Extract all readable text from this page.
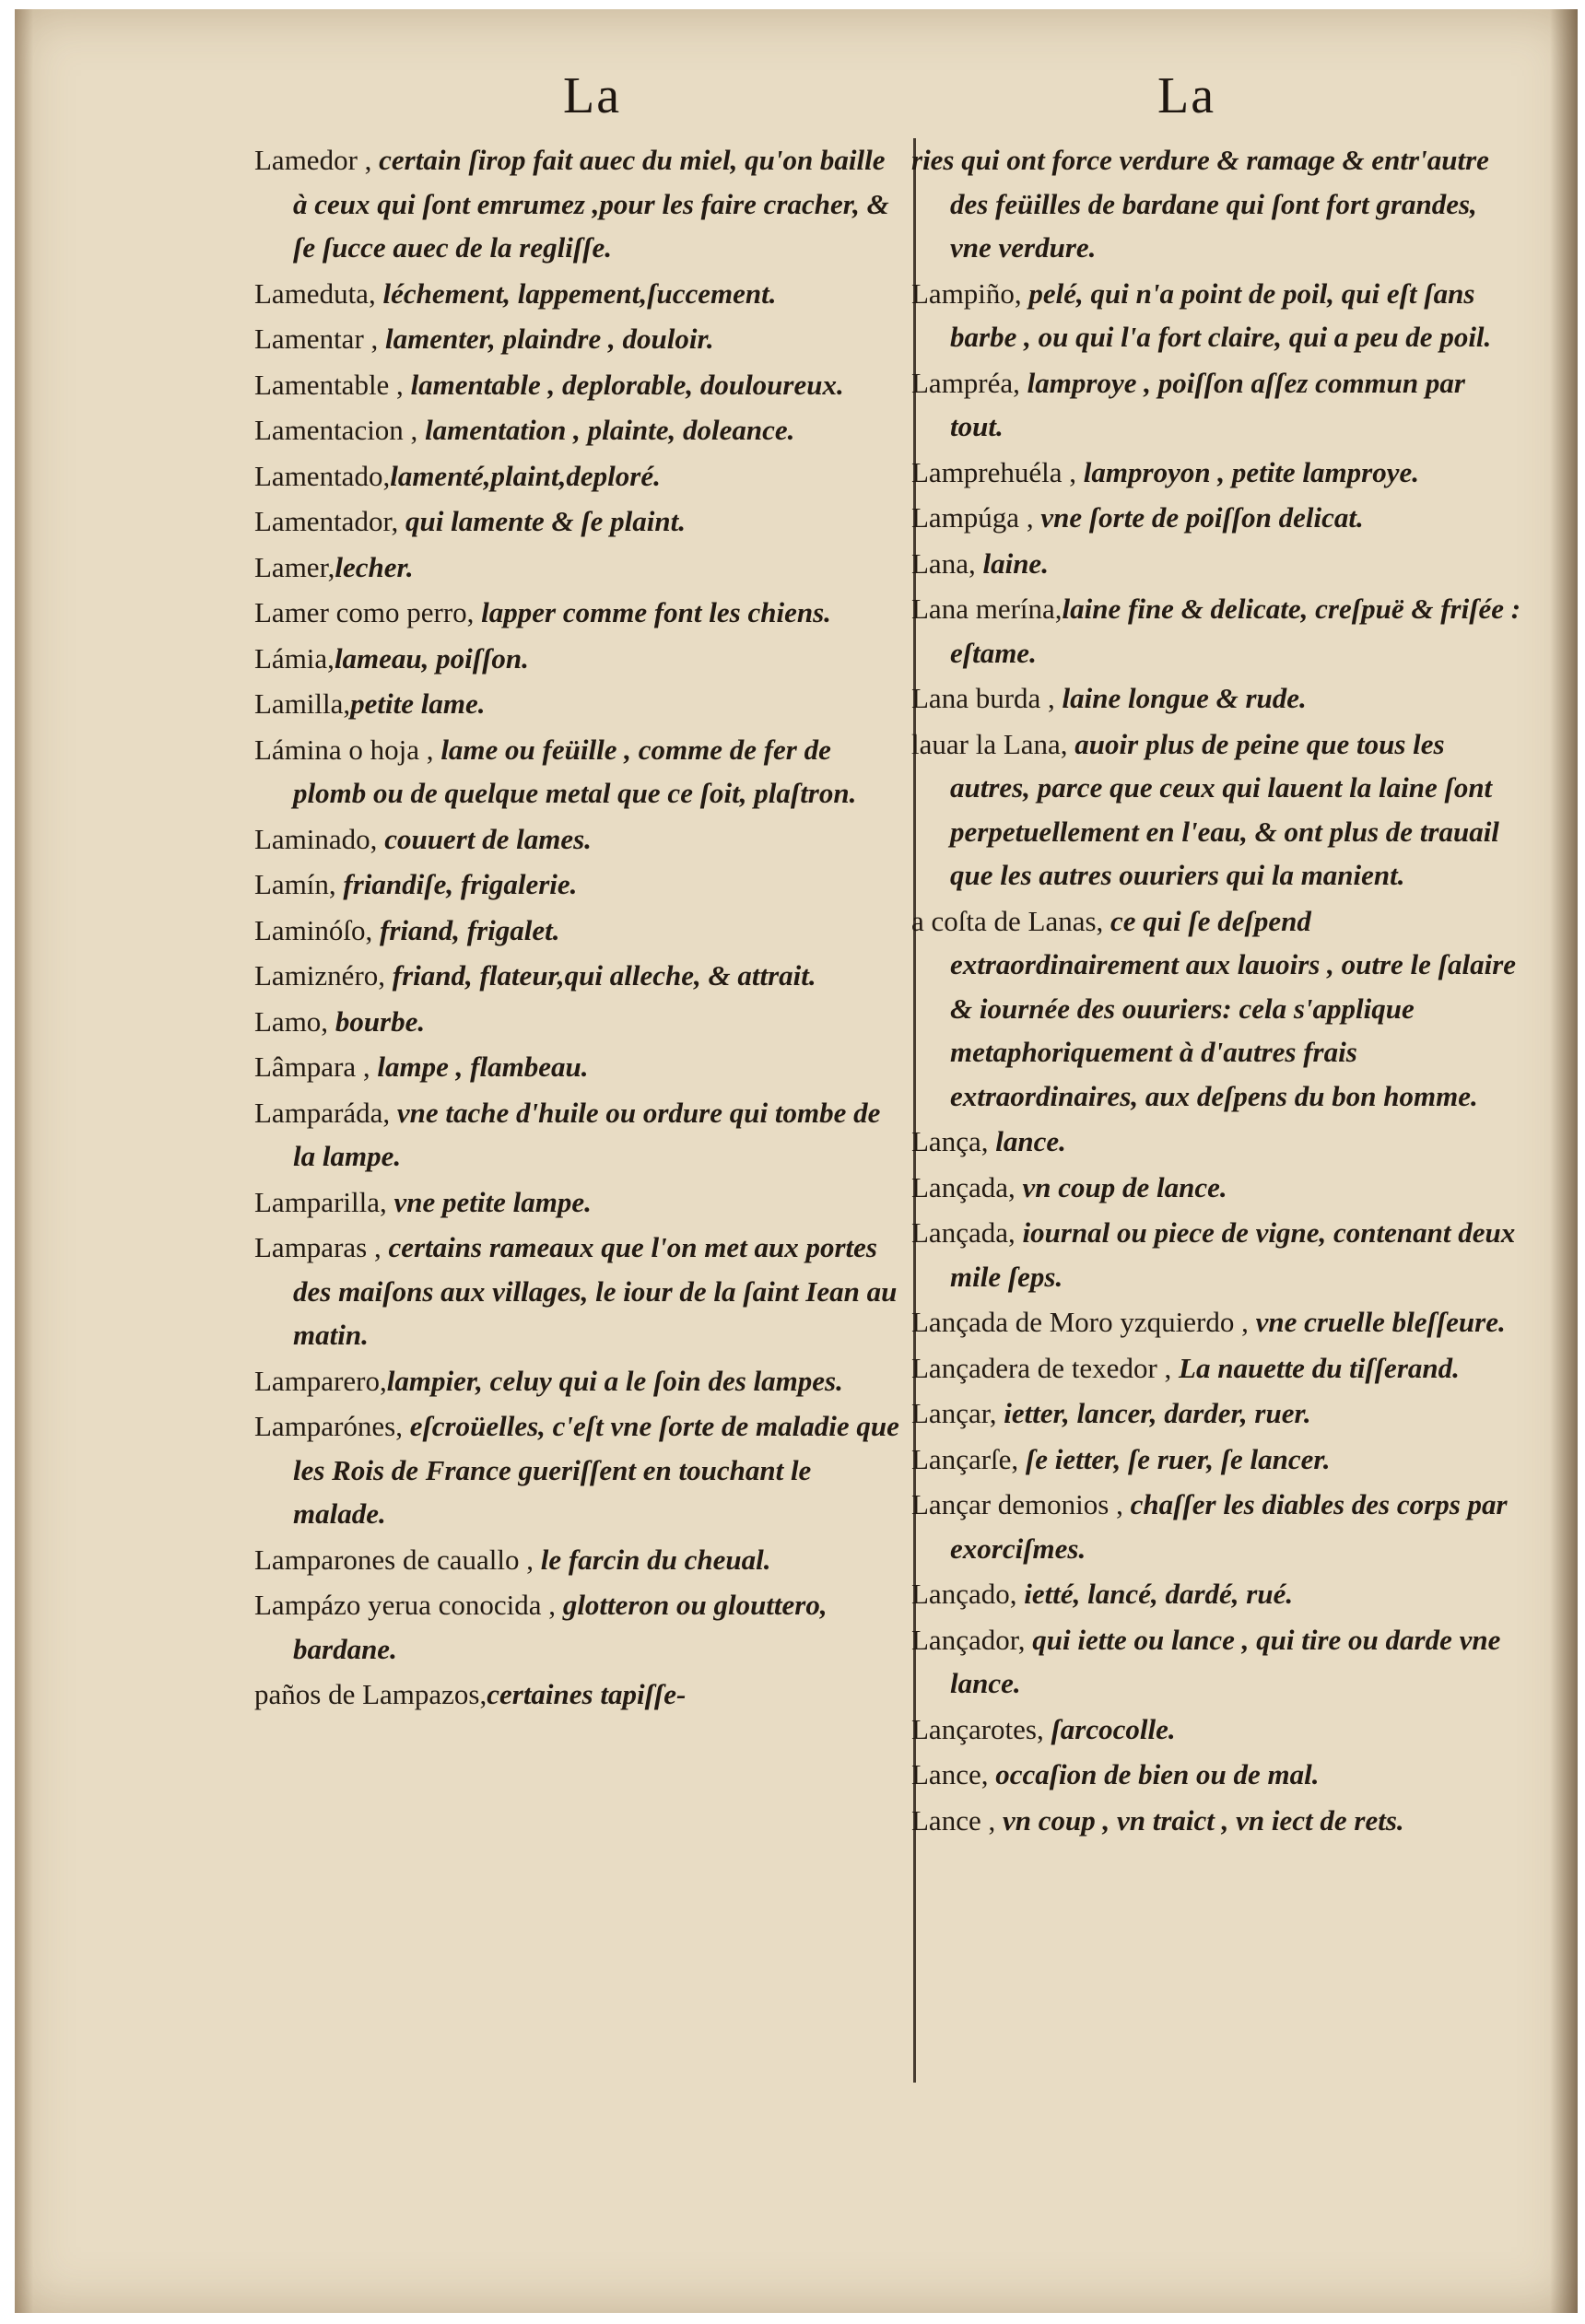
La	La

Lamedor , certain ſirop fait auec du miel, qu'on baille à ceux qui ſont emrumez ,pour les faire cracher, & ſe ſucce auec de la regliſſe.

Lameduta, léchement, lappement,ſuccement.

Lamentar , lamenter, plaindre , douloir.

Lamentable , lamentable , deplorable, douloureux.

Lamentacion , lamentation , plainte, doleance.

Lamentado,lamenté,plaint,deploré.

Lamentador, qui lamente & ſe plaint.

Lamer,lecher.

Lamer como perro, lapper comme font les chiens.

Lámia,lameau, poiſſon.

Lamilla,petite lame.

Lámina o hoja , lame ou feüille , comme de fer de plomb ou de quelque metal que ce ſoit, plaſtron.

Laminado, couuert de lames.

Lamín, friandiſe, frigalerie.

Laminóſo, friand, frigalet.

Lamiznéro, friand, flateur,qui alleche, & attrait.

Lamo, bourbe.

Lâmpara , lampe , flambeau.

Lamparáda, vne tache d'huile ou ordure qui tombe de la lampe.

Lamparilla, vne petite lampe.

Lamparas , certains rameaux que l'on met aux portes des maiſons aux villages, le iour de la ſaint Iean au matin.

Lamparero,lampier, celuy qui a le ſoin des lampes.

Lamparónes, eſcroüelles, c'eſt vne ſorte de maladie que les Rois de France gueriſſent en touchant le malade.

Lamparones de cauallo , le farcin du cheual.

Lampázo yerua conocida , glotteron ou glouttero, bardane.

paños de Lampazos,certaines tapiſſe-

ries qui ont force verdure & ramage & entr'autre des feüilles de bardane qui ſont fort grandes, vne verdure.

Lampiño, pelé, qui n'a point de poil, qui eſt ſans barbe , ou qui l'a fort claire, qui a peu de poil.

Lampréa, lamproye , poiſſon aſſez commun par tout.

Lamprehuéla , lamproyon , petite lamproye.

Lampúga , vne ſorte de poiſſon delicat.

Lana, laine.

Lana merína,laine fine & delicate, creſpuë & friſée : eſtame.

Lana burda , laine longue & rude.

lauar la Lana, auoir plus de peine que tous les autres, parce que ceux qui lauent la laine ſont perpetuellement en l'eau, & ont plus de trauail que les autres ouuriers qui la manient.

a coſta de Lanas, ce qui ſe deſpend extraordinairement aux lauoirs , outre le ſalaire & iournée des ouuriers: cela s'applique metaphoriquement à d'autres frais extraordinaires, aux deſpens du bon homme.

Lança, lance.

Lançada, vn coup de lance.

Lançada, iournal ou piece de vigne, contenant deux mile ſeps.

Lançada de Moro yzquierdo , vne cruelle bleſſeure.

Lançadera de texedor , La nauette du tiſſerand.

Lançar, ietter, lancer, darder, ruer.

Lançarſe, ſe ietter, ſe ruer, ſe lancer.

Lançar demonios , chaſſer les diables des corps par exorciſmes.

Lançado, ietté, lancé, dardé, rué.

Lançador, qui iette ou lance , qui tire ou darde vne lance.

Lançarotes, ſarcocolle.

Lance, occaſion de bien ou de mal.

Lance , vn coup , vn traict , vn iect de rets.
